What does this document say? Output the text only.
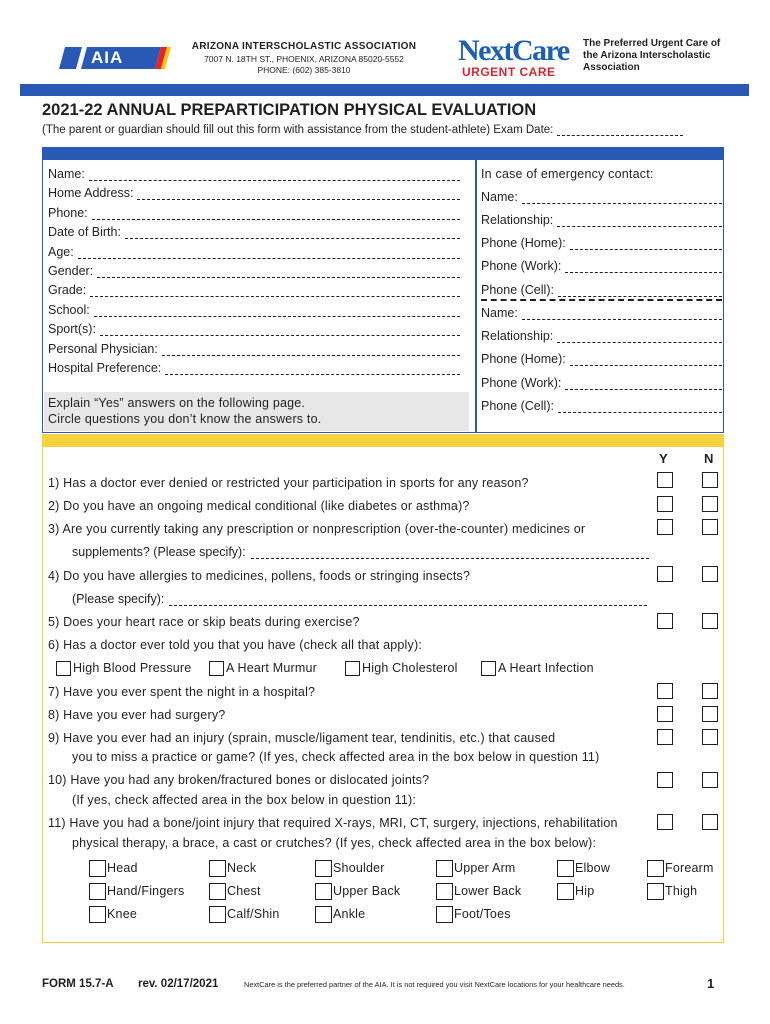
AIA
ARIZONA INTERSCHOLASTIC ASSOCIATION
7007 N. 18TH ST., PHOENIX, ARIZONA 85020-5552
PHONE: (602) 385-3810
NextCare
URGENT CARE
The Preferred Urgent Care of the Arizona Interscholastic Association
2021-22 ANNUAL PREPARTICIPATION PHYSICAL EVALUATION
(The parent or guardian should fill out this form with assistance from the student-athlete) Exam Date:
Name:
Home Address:
Phone:
Date of Birth:
Age:
Gender:
Grade:
School:
Sport(s):
Personal Physician:
Hospital Preference:
Name:
Relationship:
Phone (Home):
Phone (Work):
Phone (Cell):
Name:
Relationship:
Phone (Home):
Phone (Work):
Phone (Cell):
Explain “Yes” answers on the following page.
Circle questions you don’t know the answers to.
In case of emergency contact:
Y	N
1) Has a doctor ever denied or restricted your participation in sports for any reason?
2) Do you have an ongoing medical conditional (like diabetes or asthma)?
3) Are you currently taking any prescription or nonprescription (over-the-counter) medicines or
supplements? (Please specify):
4) Do you have allergies to medicines, pollens, foods or stringing insects?
(Please specify):
5) Does your heart race or skip beats during exercise?
6) Has a doctor ever told you that you have (check all that apply):
High Blood Pressure	A Heart Murmur	High Cholesterol	A Heart Infection
7) Have you ever spent the night in a hospital?
8) Have you ever had surgery?
9) Have you ever had an injury (sprain, muscle/ligament tear, tendinitis, etc.) that caused
you to miss a practice or game? (If yes, check affected area in the box below in question 11)
10) Have you had any broken/fractured bones or dislocated joints?
(If yes, check affected area in the box below in question 11):
11) Have you had a bone/joint injury that required X-rays, MRI, CT, surgery, injections, rehabilitation
physical therapy, a brace, a cast or crutches? (If yes, check affected area in the box below):
Head	Neck	Shoulder	Upper Arm	Elbow	Forearm
Hand/Fingers	Chest	Upper Back	Lower Back	Hip	Thigh
Knee	Calf/Shin	Ankle	Foot/Toes
FORM 15.7-A rev. 02/17/2021	NextCare is the preferred partner of the AIA. It is not required you visit NextCare locations for your healthcare needs.	1
